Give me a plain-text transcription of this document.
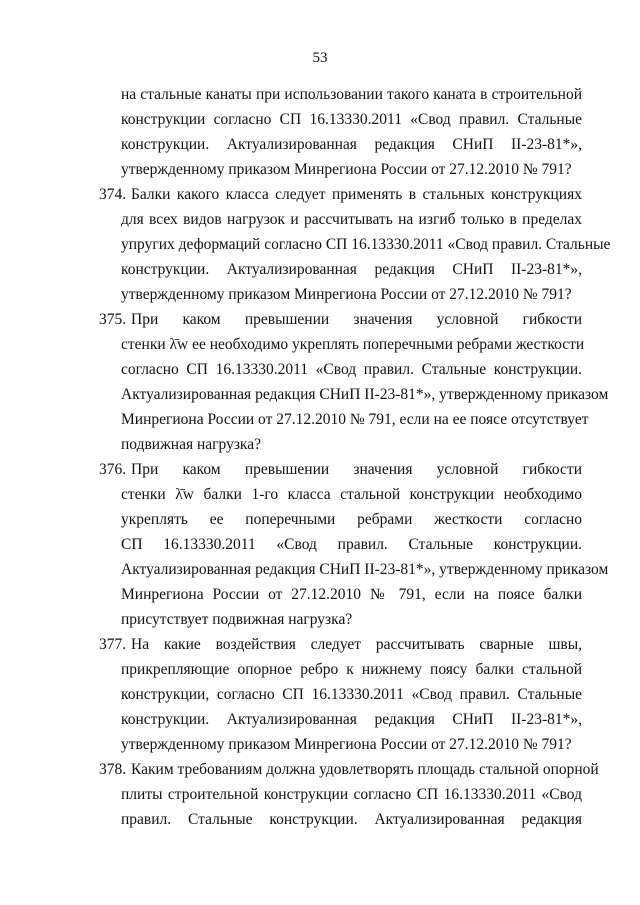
53
на стальные канаты при использовании такого каната в строительной
конструкции согласно СП 16.13330.2011 «Свод правил. Стальные
конструкции. Актуализированная редакция СНиП II-23-81*»,
утвержденному приказом Минрегиона России от 27.12.2010 № 791?
374. Балки какого класса следует применять в стальных конструкциях
для всех видов нагрузок и рассчитывать на изгиб только в пределах
упругих деформаций согласно СП 16.13330.2011 «Свод правил. Стальные
конструкции. Актуализированная редакция СНиП II-23-81*»,
утвержденному приказом Минрегиона России от 27.12.2010 № 791?
375. При каком превышении значения условной гибкости
стенки λ̄w ее необходимо укреплять поперечными ребрами жесткости
согласно СП 16.13330.2011 «Свод правил. Стальные конструкции.
Актуализированная редакция СНиП II-23-81*», утвержденному приказом
Минрегиона России от 27.12.2010 № 791, если на ее поясе отсутствует
подвижная нагрузка?
376. При каком превышении значения условной гибкости
стенки λ̄w балки 1-го класса стальной конструкции необходимо
укреплять ее поперечными ребрами жесткости согласно
СП 16.13330.2011 «Свод правил. Стальные конструкции.
Актуализированная редакция СНиП II-23-81*», утвержденному приказом
Минрегиона России от 27.12.2010 № 791, если на поясе балки
присутствует подвижная нагрузка?
377. На какие воздействия следует рассчитывать сварные швы,
прикрепляющие опорное ребро к нижнему поясу балки стальной
конструкции, согласно СП 16.13330.2011 «Свод правил. Стальные
конструкции. Актуализированная редакция СНиП II-23-81*»,
утвержденному приказом Минрегиона России от 27.12.2010 № 791?
378. Каким требованиям должна удовлетворять площадь стальной опорной
плиты строительной конструкции согласно СП 16.13330.2011 «Свод
правил. Стальные конструкции. Актуализированная редакция
